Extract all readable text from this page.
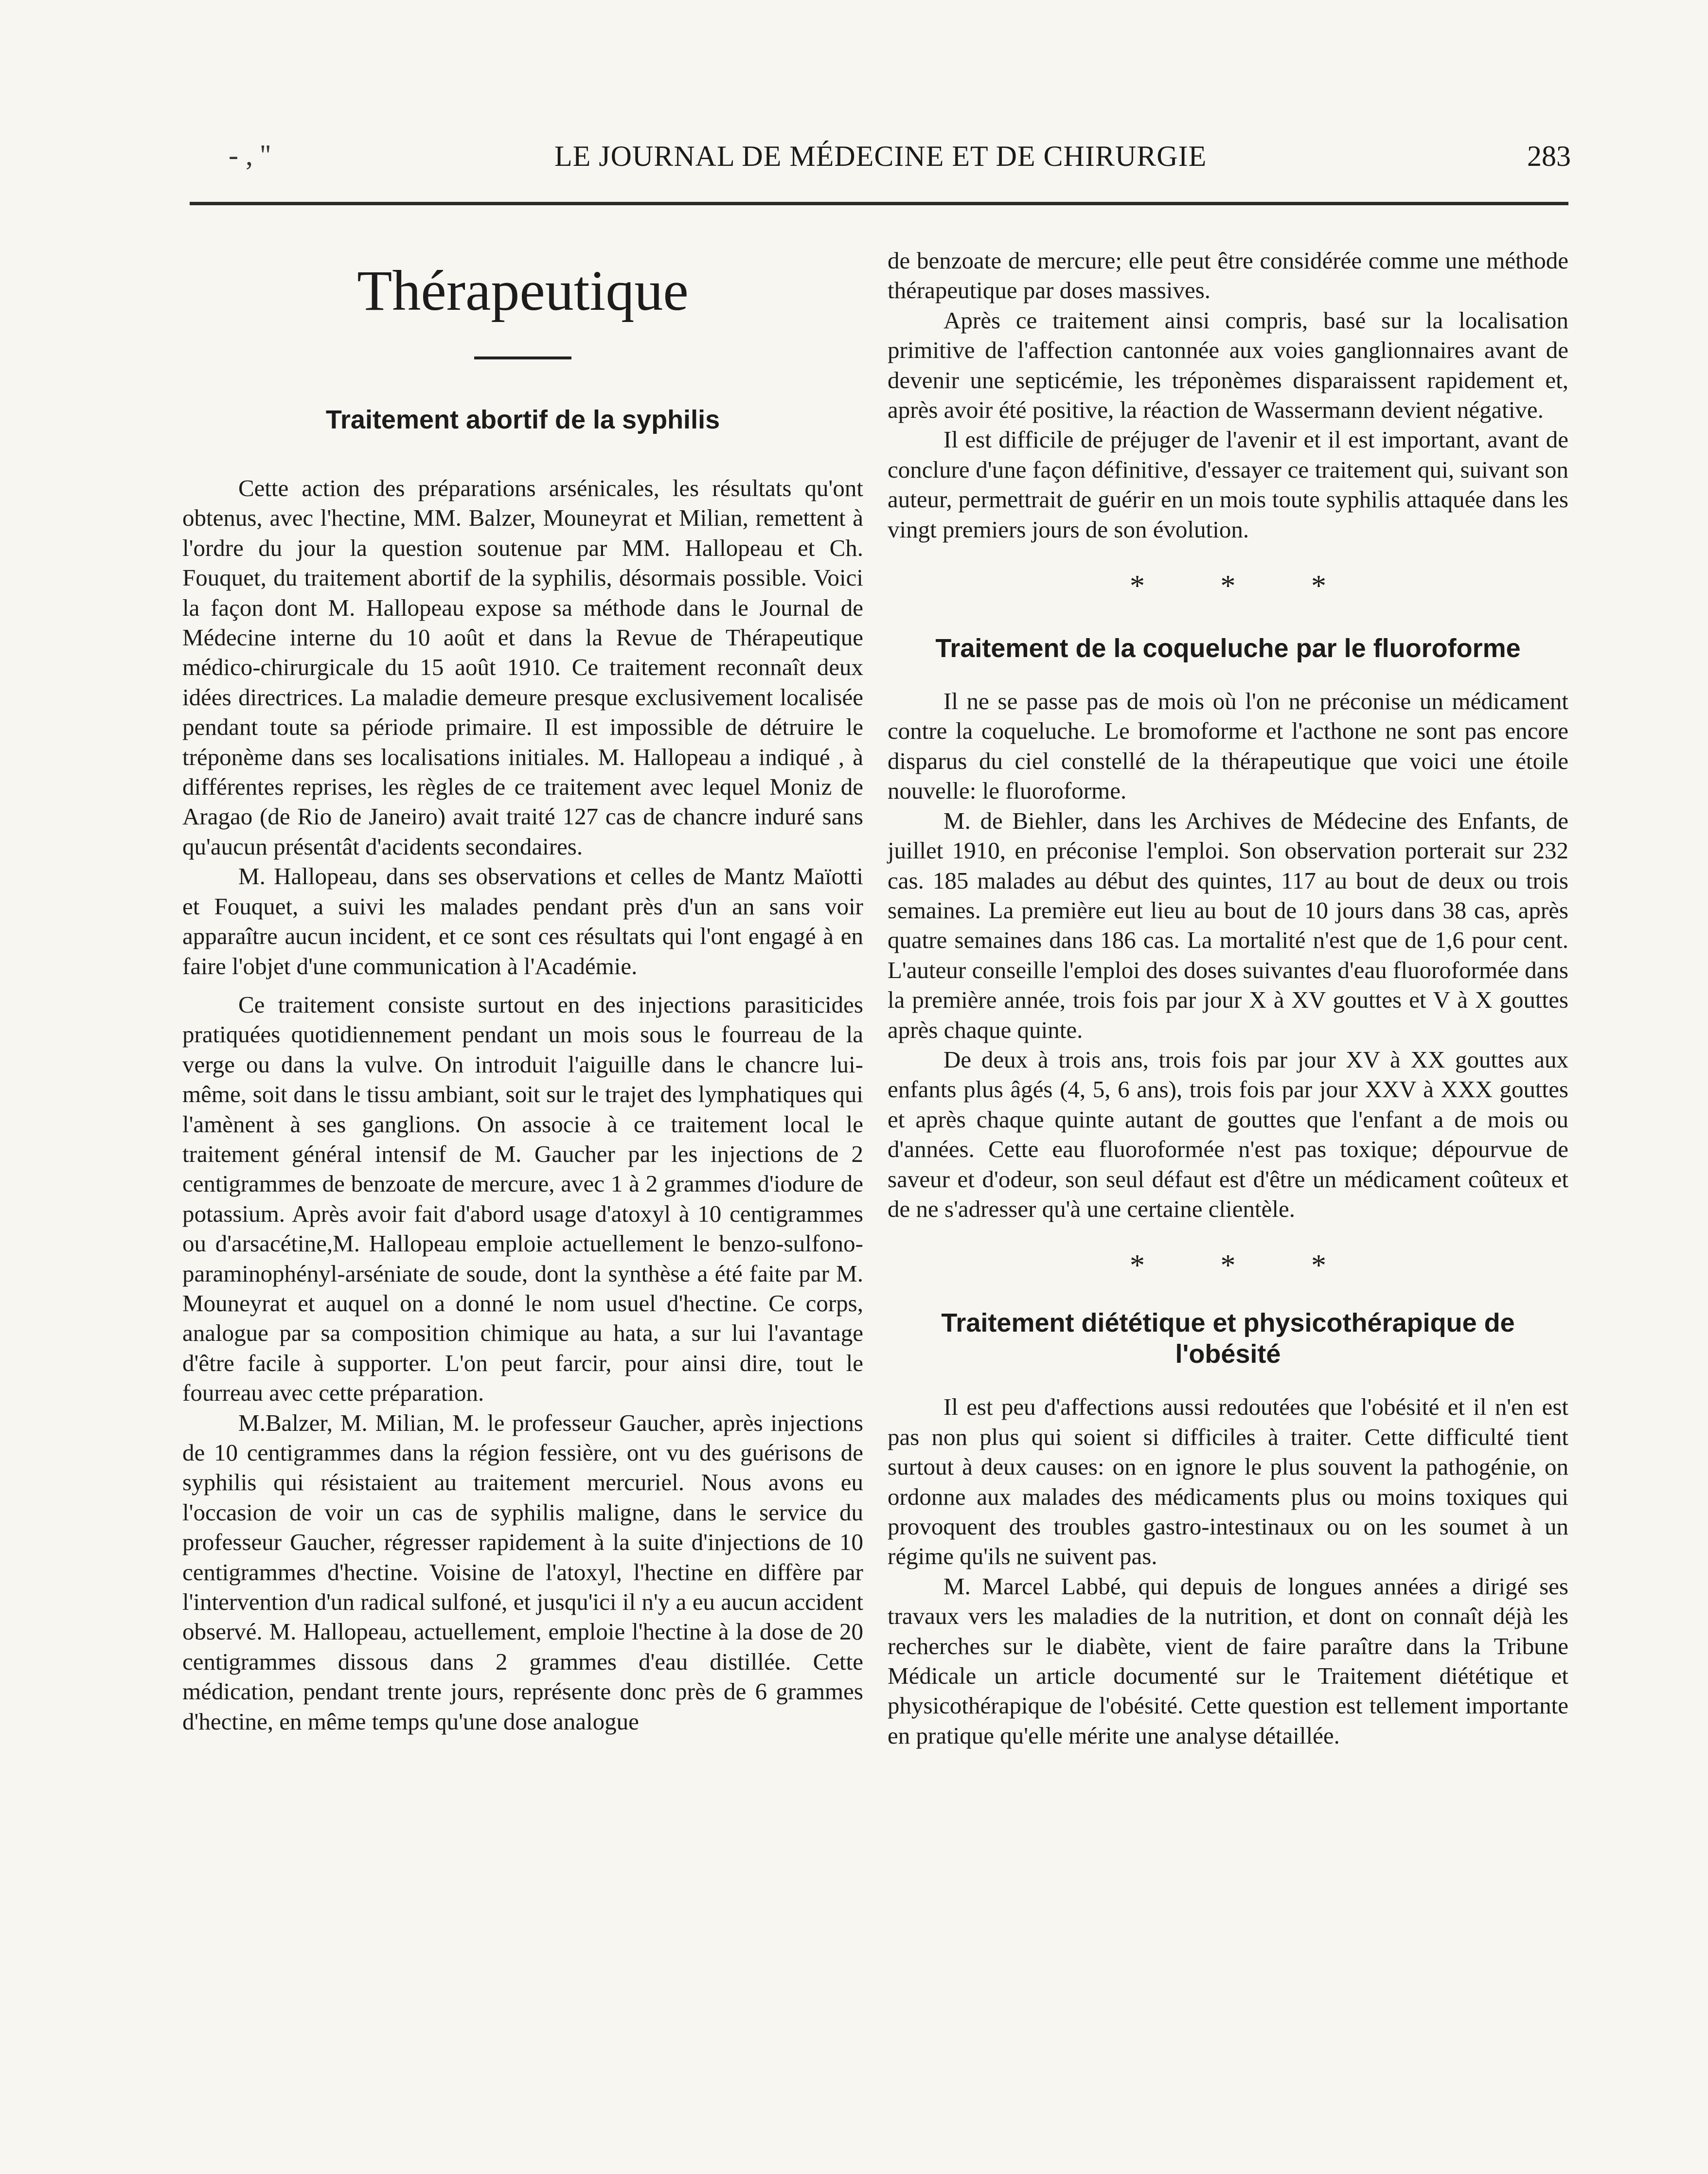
- , ''	LE JOURNAL DE MÉDECINE ET DE CHIRURGIE	283
Thérapeutique
Traitement abortif de la syphilis

Cette action des préparations arsénicales, les résultats qu'ont obtenus, avec l'hectine, MM. Balzer, Mouneyrat et Milian, remettent à l'ordre du jour la question soutenue par MM. Hallopeau et Ch. Fouquet, du traitement abortif de la syphilis, désormais possible. Voici la façon dont M. Hallopeau expose sa méthode dans le Journal de Médecine interne du 10 août et dans la Revue de Thérapeutique médico-chirurgicale du 15 août 1910. Ce traitement reconnaît deux idées directrices. La maladie demeure presque exclusivement localisée pendant toute sa période primaire. Il est impossible de détruire le tréponème dans ses localisations initiales. M. Hallopeau a indiqué , à différentes reprises, les règles de ce traitement avec lequel Moniz de Aragao (de Rio de Janeiro) avait traité 127 cas de chancre induré sans qu'aucun présentât d'acidents secondaires.

M. Hallopeau, dans ses observations et celles de Mantz Maïotti et Fouquet, a suivi les malades pendant près d'un an sans voir apparaître aucun incident, et ce sont ces résultats qui l'ont engagé à en faire l'objet d'une communication à l'Académie.

Ce traitement consiste surtout en des injections parasiticides pratiquées quotidiennement pendant un mois sous le fourreau de la verge ou dans la vulve. On introduit l'aiguille dans le chancre lui-même, soit dans le tissu ambiant, soit sur le trajet des lymphatiques qui l'amènent à ses ganglions. On associe à ce traitement local le traitement général intensif de M. Gaucher par les injections de 2 centigrammes de benzoate de mercure, avec 1 à 2 grammes d'iodure de potassium. Après avoir fait d'abord usage d'atoxyl à 10 centigrammes ou d'arsacétine,M. Hallopeau emploie actuellement le benzo-sulfono-paraminophényl-arséniate de soude, dont la synthèse a été faite par M. Mouneyrat et auquel on a donné le nom usuel d'hectine. Ce corps, analogue par sa composition chimique au hata, a sur lui l'avantage d'être facile à supporter. L'on peut farcir, pour ainsi dire, tout le fourreau avec cette préparation.

M.Balzer, M. Milian, M. le professeur Gaucher, après injections de 10 centigrammes dans la région fessière, ont vu des guérisons de syphilis qui résistaient au traitement mercuriel. Nous avons eu l'occasion de voir un cas de syphilis maligne, dans le service du professeur Gaucher, régresser rapidement à la suite d'injections de 10 centigrammes d'hectine. Voisine de l'atoxyl, l'hectine en diffère par l'intervention d'un radical sulfoné, et jusqu'ici il n'y a eu aucun accident observé. M. Hallopeau, actuellement, emploie l'hectine à la dose de 20 centigrammes dissous dans 2 grammes d'eau distillée. Cette médication, pendant trente jours, représente donc près de 6 grammes d'hectine, en même temps qu'une dose analogue

de benzoate de mercure; elle peut être considérée comme une méthode thérapeutique par doses massives.

Après ce traitement ainsi compris, basé sur la localisation primitive de l'affection cantonnée aux voies ganglionnaires avant de devenir une septicémie, les tréponèmes disparaissent rapidement et, après avoir été positive, la réaction de Wassermann devient négative.

Il est difficile de préjuger de l'avenir et il est important, avant de conclure d'une façon définitive, d'essayer ce traitement qui, suivant son auteur, permettrait de guérir en un mois toute syphilis attaquée dans les vingt premiers jours de son évolution.

* * *
Traitement de la coqueluche par le fluoroforme

Il ne se passe pas de mois où l'on ne préconise un médicament contre la coqueluche. Le bromoforme et l'acthone ne sont pas encore disparus du ciel constellé de la thérapeutique que voici une étoile nouvelle: le fluoroforme.

M. de Biehler, dans les Archives de Médecine des Enfants, de juillet 1910, en préconise l'emploi. Son observation porterait sur 232 cas. 185 malades au début des quintes, 117 au bout de deux ou trois semaines. La première eut lieu au bout de 10 jours dans 38 cas, après quatre semaines dans 186 cas. La mortalité n'est que de 1,6 pour cent. L'auteur conseille l'emploi des doses suivantes d'eau fluoroformée dans la première année, trois fois par jour X à XV gouttes et V à X gouttes après chaque quinte.

De deux à trois ans, trois fois par jour XV à XX gouttes aux enfants plus âgés (4, 5, 6 ans), trois fois par jour XXV à XXX gouttes et après chaque quinte autant de gouttes que l'enfant a de mois ou d'années. Cette eau fluoroformée n'est pas toxique; dépourvue de saveur et d'odeur, son seul défaut est d'être un médicament coûteux et de ne s'adresser qu'à une certaine clientèle.

* * *
Traitement diététique et physicothérapique de l'obésité

Il est peu d'affections aussi redoutées que l'obésité et il n'en est pas non plus qui soient si difficiles à traiter. Cette difficulté tient surtout à deux causes: on en ignore le plus souvent la pathogénie, on ordonne aux malades des médicaments plus ou moins toxiques qui provoquent des troubles gastro-intestinaux ou on les soumet à un régime qu'ils ne suivent pas.

M. Marcel Labbé, qui depuis de longues années a dirigé ses travaux vers les maladies de la nutrition, et dont on connaît déjà les recherches sur le diabète, vient de faire paraître dans la Tribune Médicale un article documenté sur le Traitement diététique et physicothérapique de l'obésité. Cette question est tellement importante en pratique qu'elle mérite une analyse détaillée.
